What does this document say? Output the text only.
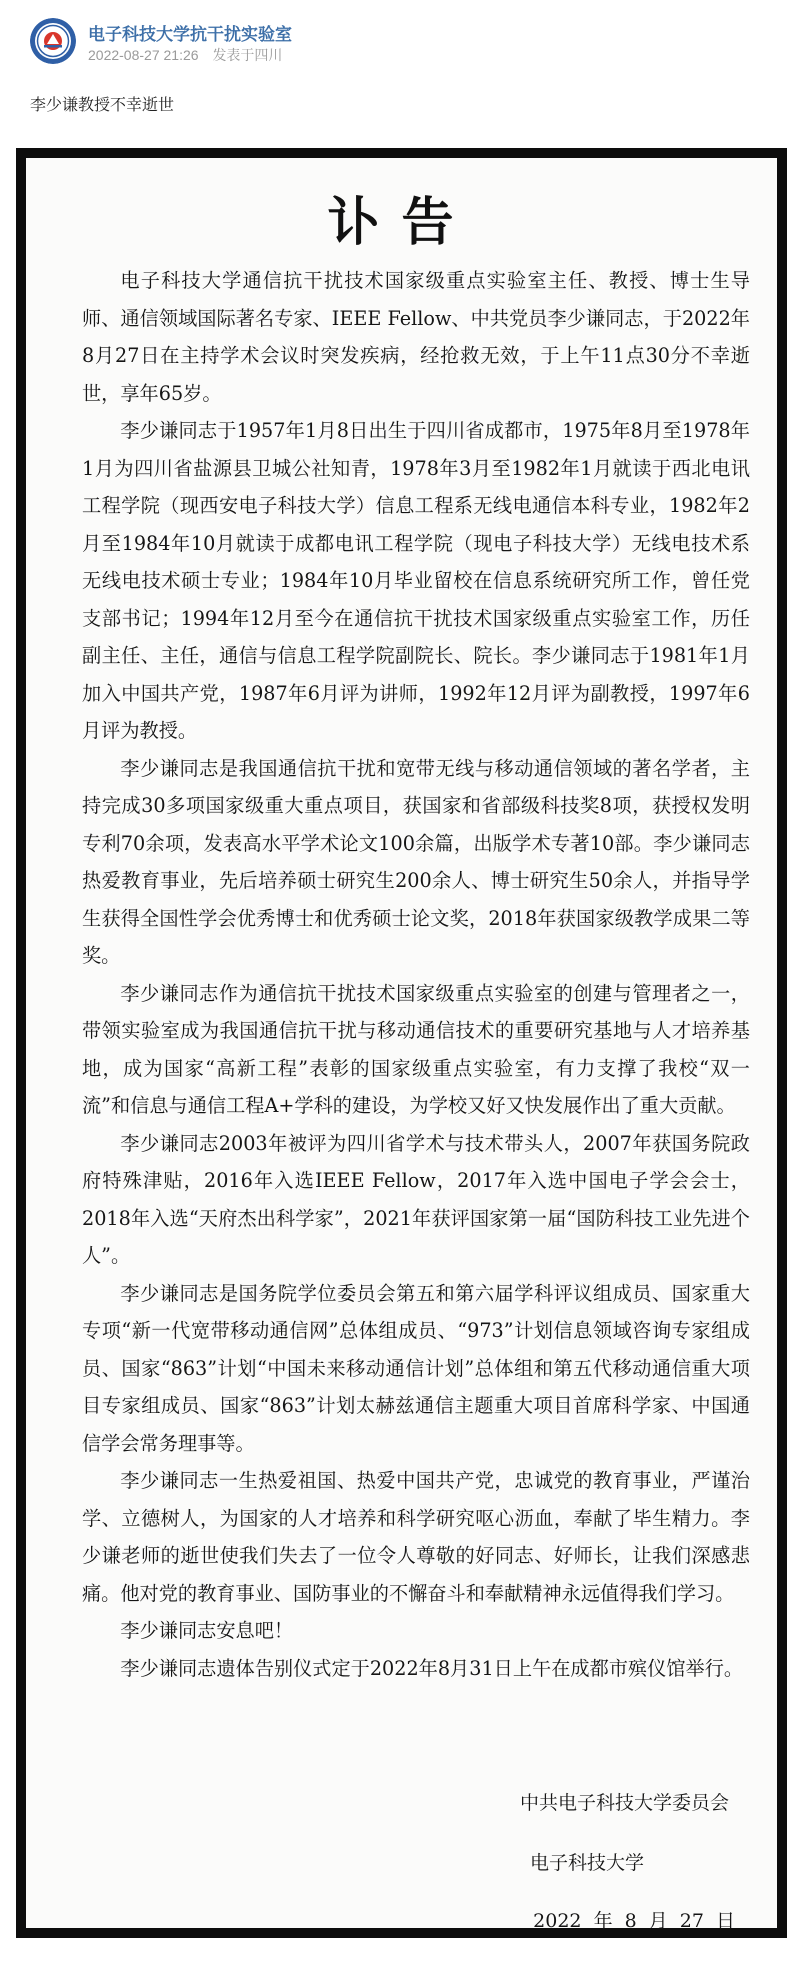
电子科技大学抗干扰实验室
2022-08-27 21:26 发表于四川
李少谦教授不幸逝世
讣告

电子科技大学通信抗干扰技术国家级重点实验室主任、教授、博士生导师、通信领域国际著名专家、IEEE Fellow、中共党员李少谦同志，于2022年8月27日在主持学术会议时突发疾病，经抢救无效，于上午11点30分不幸逝世，享年65岁。

李少谦同志于1957年1月8日出生于四川省成都市，1975年8月至1978年1月为四川省盐源县卫城公社知青，1978年3月至1982年1月就读于西北电讯工程学院（现西安电子科技大学）信息工程系无线电通信本科专业，1982年2月至1984年10月就读于成都电讯工程学院（现电子科技大学）无线电技术系无线电技术硕士专业；1984年10月毕业留校在信息系统研究所工作，曾任党支部书记；1994年12月至今在通信抗干扰技术国家级重点实验室工作，历任副主任、主任，通信与信息工程学院副院长、院长。李少谦同志于1981年1月加入中国共产党，1987年6月评为讲师，1992年12月评为副教授，1997年6月评为教授。

李少谦同志是我国通信抗干扰和宽带无线与移动通信领域的著名学者，主持完成30多项国家级重大重点项目，获国家和省部级科技奖8项，获授权发明专利70余项，发表高水平学术论文100余篇，出版学术专著10部。李少谦同志热爱教育事业，先后培养硕士研究生200余人、博士研究生50余人，并指导学生获得全国性学会优秀博士和优秀硕士论文奖，2018年获国家级教学成果二等奖。

李少谦同志作为通信抗干扰技术国家级重点实验室的创建与管理者之一，带领实验室成为我国通信抗干扰与移动通信技术的重要研究基地与人才培养基地，成为国家“高新工程”表彰的国家级重点实验室，有力支撑了我校“双一流”和信息与通信工程A+学科的建设，为学校又好又快发展作出了重大贡献。

李少谦同志2003年被评为四川省学术与技术带头人，2007年获国务院政府特殊津贴，2016年入选IEEE Fellow，2017年入选中国电子学会会士，2018年入选“天府杰出科学家”，2021年获评国家第一届“国防科技工业先进个人”。

李少谦同志是国务院学位委员会第五和第六届学科评议组成员、国家重大专项“新一代宽带移动通信网”总体组成员、“973”计划信息领域咨询专家组成员、国家“863”计划“中国未来移动通信计划”总体组和第五代移动通信重大项目专家组成员、国家“863”计划太赫兹通信主题重大项目首席科学家、中国通信学会常务理事等。

李少谦同志一生热爱祖国、热爱中国共产党，忠诚党的教育事业，严谨治学、立德树人，为国家的人才培养和科学研究呕心沥血，奉献了毕生精力。李少谦老师的逝世使我们失去了一位令人尊敬的好同志、好师长，让我们深感悲痛。他对党的教育事业、国防事业的不懈奋斗和奉献精神永远值得我们学习。

李少谦同志安息吧！

李少谦同志遗体告别仪式定于2022年8月31日上午在成都市殡仪馆举行。

中共电子科技大学委员会
电子科技大学
2022 年 8 月 27 日
